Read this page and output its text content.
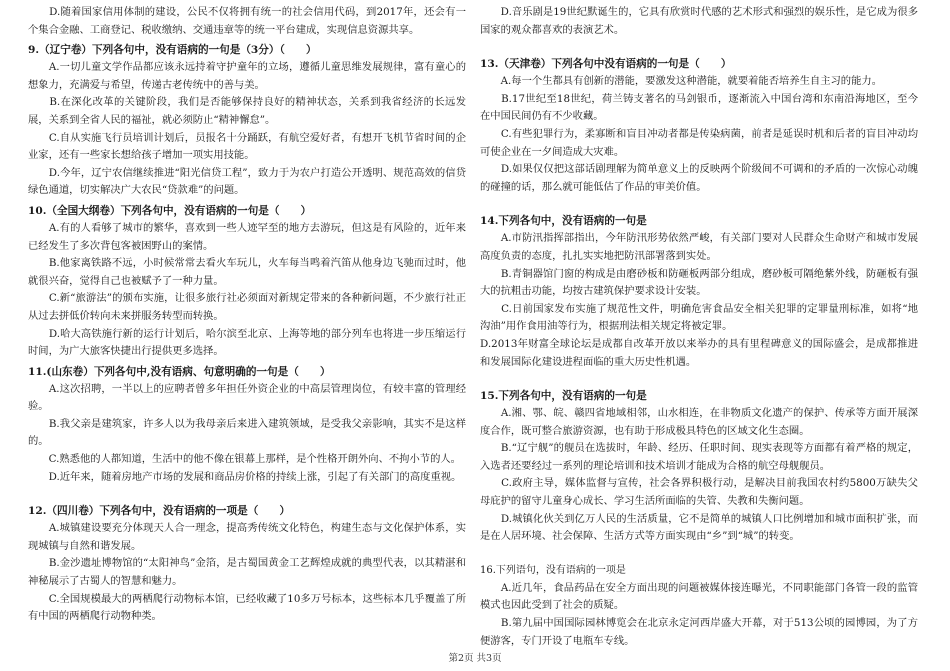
　　D.随着国家信用体制的建设，公民不仅将拥有统一的社会信用代码，到2017年，还会有一个集合金融、工商登记、税收缴纳、交通违章等的统一平台建成，实现信息资源共享。
9.（辽宁卷）下列各句中，没有语病的一句是（3分）（　　）
　　A.一切儿童文学作品都应该永远持着守护童年的立场，遵循儿童思维发展规律，富有童心的想象力，充满爱与希望，传递古老传统中的善与美。
　　B.在深化改革的关键阶段，我们是否能够保持良好的精神状态，关系到我省经济的长远发展，关系到全省人民的福祉，就必须防止“精神懈怠”。
　　C.自从实施飞行员培训计划后，员报名十分踊跃，有航空爱好者，有想开飞机节省时间的企业家，还有一些家长想给孩子增加一项实用技能。
　　D.今年，辽宁农信继续推进“阳光信贷工程”，致力于为农户打造公开透明、规范高效的信贷绿色通道，切实解决广大农民“贷款难”的问题。
10.（全国大纲卷）下列各句中，没有语病的一句是（　　）
　　A.有的人看够了城市的繁华，喜欢到一些人迹罕至的地方去游玩，但这是有风险的，近年来已经发生了多次背包客被困野山的案情。
　　B.他家离铁路不远，小时候常常去看火车玩儿，火车每当鸣着汽笛从他身边飞驰而过时，他就很兴奋，觉得自己也被赋予了一种力量。
　　C.新“旅游法”的颁布实施，让很多旅行社必须面对新规定带来的各种新问题，不少旅行社正从过去拼低价转向未来拼服务转型而转换。
　　D.哈大高铁施行新的运行计划后，哈尔滨至北京、上海等地的部分列车也将进一步压缩运行时间，为广大旅客快捷出行提供更多选择。
11.(山东卷）下列各句中,没有语病、句意明确的一句是（　　）
　　A.这次招聘，一半以上的应聘者曾多年担任外资企业的中高层管理岗位，有较丰富的管理经验。
　　B.我父亲是建筑家，许多人以为我母亲后来进入建筑领域，是受我父亲影响，其实不是这样的。
　　C.熟悉他的人都知道，生活中的他不像在银幕上那样，是个性格开朗外向、不拘小节的人。
　　D.近年来，随着房地产市场的发展和商品房价格的持续上涨，引起了有关部门的高度重视。
12.（四川卷）下列各句中，没有语病的一项是（　　）
　　A.城镇建设要充分体现天人合一理念，提高秀传统文化特色，构建生态与文化保护体系，实现城镇与自然和谐发展。
　　B.金沙遗址博物馆的“太阳神鸟”金箔，是古蜀国黄金工艺辉煌成就的典型代表，以其精湛和神秘展示了古蜀人的智慧和魅力。
　　C.全国规模最大的两栖爬行动物标本馆，已经收藏了10多万号标本，这些标本几乎覆盖了所有中国的两栖爬行动物种类。
　　D.音乐剧是19世纪默诞生的，它具有欣赏时代感的艺术形式和强烈的娱乐性，是它成为很多国家的观众都喜欢的表演艺术。
13.（天津卷）下列各句中没有语病的一句是（　　）
　　A.每一个生都具有创新的潜能，要激发这种潜能，就要着能否培养生自主习的能力。
　　B.17世纪至18世纪，荷兰铸支著名的马剑银币，逐渐流入中国台湾和东南沿海地区，至今在中国民间仍有不少收藏。
　　C.有些犯罪行为，柔寡断和盲目冲动者都是传染病菌，前者是延误时机和后者的盲目冲动均可使企业在一夕间造成大灾难。
　　D.如果仅仅把这部话剧理解为简单意义上的反映两个阶级间不可调和的矛盾的一次惊心动魄的碰撞的话，那么就可能低估了作品的审美价值。
14.下列各句中，没有语病的一句是
　　A.市防汛指挥部指出，今年防汛形势依然严峻，有关部门要对人民群众生命财产和城市发展高度负责的态度，扎扎实实地把防汛部署落到实处。
　　B.青铜器馆门窗的构成是由磨砂板和防砸板两部分组成，磨砂板可隔绝紫外线，防砸板有强大的抗粗击功能，均按古建筑保护要求设计安装。
　　C.日前国家发布实施了规范性文件，明确危害食品安全相关犯罪的定罪量刑标准，如将“地沟油”用作食用油等行为，根据刑法相关规定将被定罪。
D.2013年财富全球论坛是成都自改革开放以来举办的具有里程碑意义的国际盛会，是成都推进和发展国际化建设进程面临的重大历史性机遇。
15.下列各句中，没有语病的一句是
　　A.湘、鄂、皖、赣四省地域相邻，山水相连，在非物质文化遗产的保护、传承等方面开展深度合作，既可整合旅游资源，也有助于形成极具特色的区域文化生态圈。
　　B.“辽宁舰”的舰员在选拔时，年龄、经历、任职时间、现实表现等方面都有着严格的规定，入选者还要经过一系列的理论培训和技术培训才能成为合格的航空母舰舰员。
　　C.政府主导，媒体监督与宣传，社会各界积极行动，是解决目前我国农村约5800万缺失父母庇护的留守儿童身心成长、学习生活所面临的失管、失教和失衡问题。
　　D.城镇化伙关到亿万人民的生活质量，它不是简单的城镇人口比例增加和城市面积扩张，而是在人居环境、社会保障、生活方式等方面实现由“乡”到“城”的转变。
16.下列语句，没有语病的一项是
　　A.近几年，食品药品在安全方面出现的问题被媒体接连曝光，不同职能部门各管一段的监管模式也因此受到了社会的质疑。
　　B.第九届中国国际园林博览会在北京永定河西岸盛大开幕，对于513公顷的园博园，为了方便游客，专门开设了电瓶车专线。
第2页 共3页
